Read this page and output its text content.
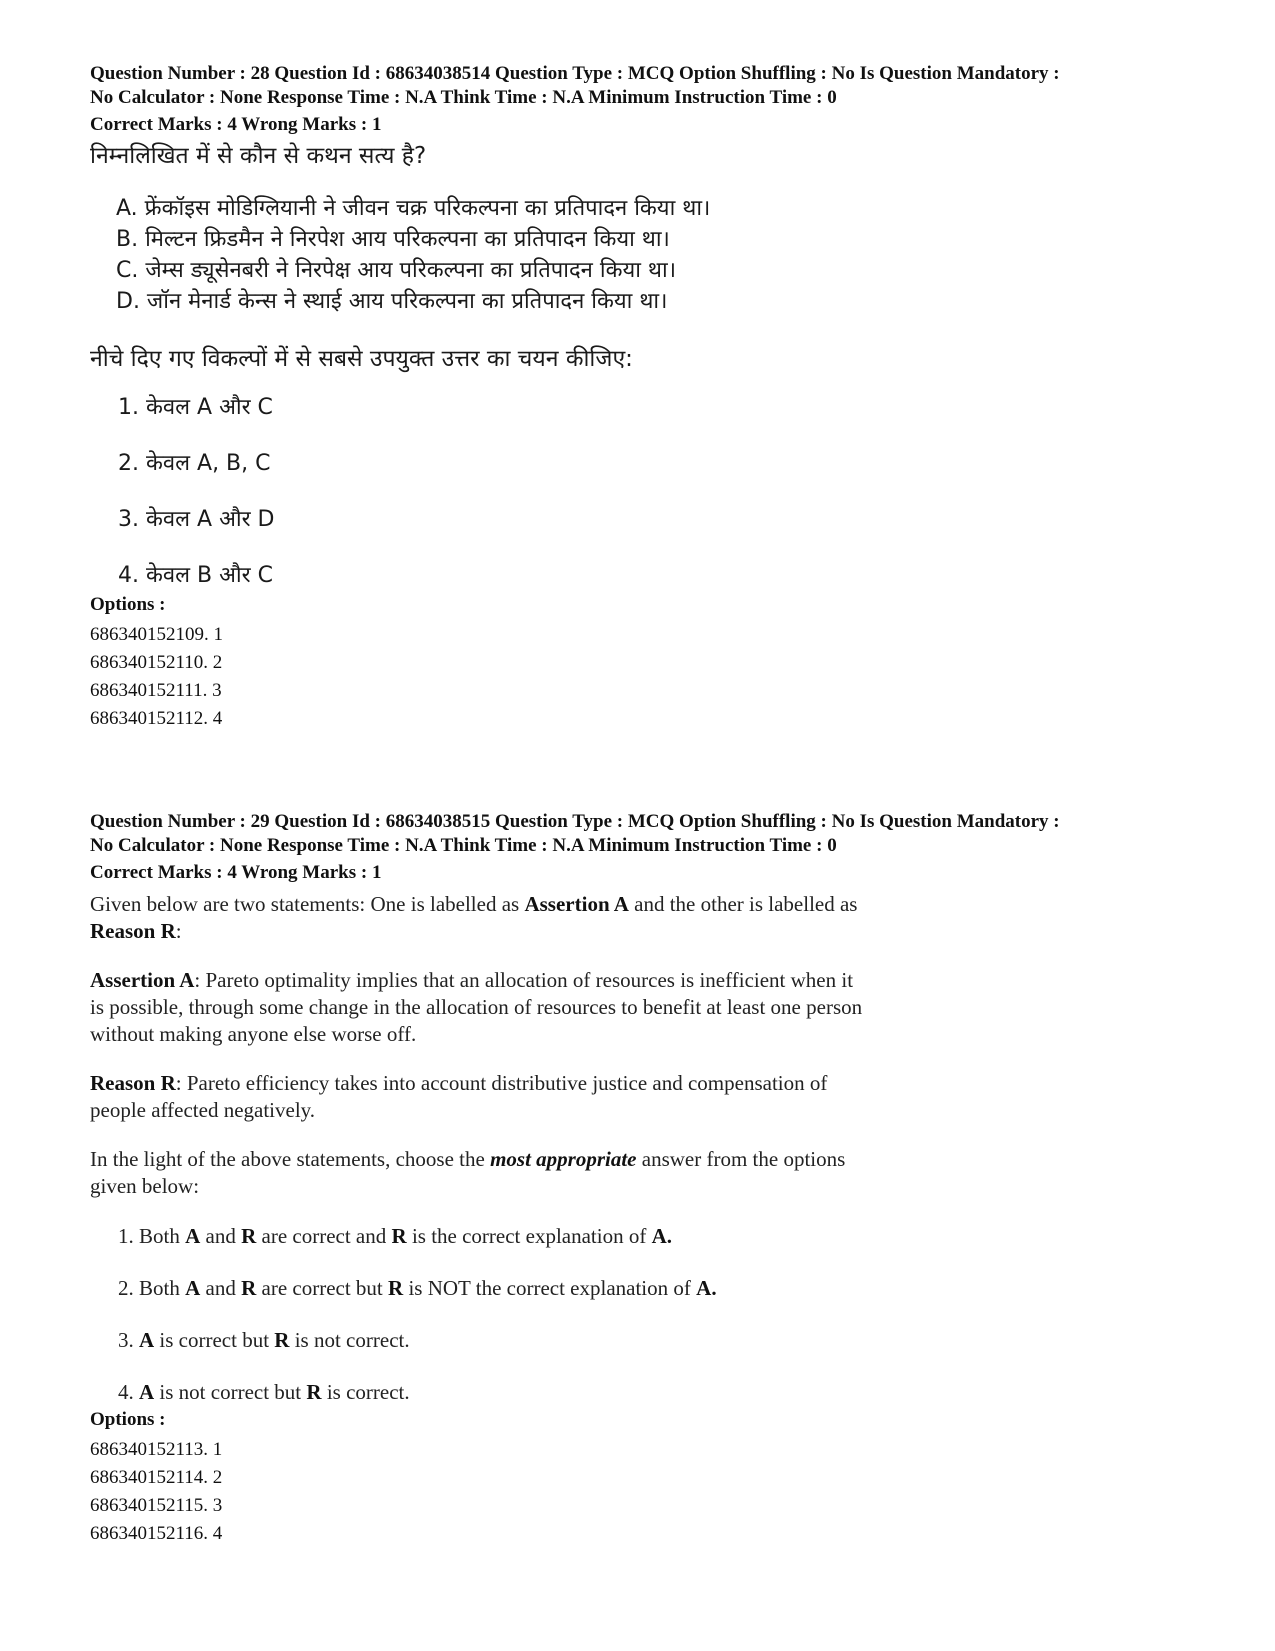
Question Number : 28 Question Id : 68634038514 Question Type : MCQ Option Shuffling : No Is Question Mandatory :
No Calculator : None Response Time : N.A Think Time : N.A Minimum Instruction Time : 0

Correct Marks : 4 Wrong Marks : 1

निम्नलिखित में से कौन से कथन सत्य है?

A. फ्रेंकॉइस मोडिग्लियानी ने जीवन चक्र परिकल्पना का प्रतिपादन किया था।
B. मिल्टन फ्रिडमैन ने निरपेश आय परिकल्पना का प्रतिपादन किया था।
C. जेम्स ड्यूसेनबरी ने निरपेक्ष आय परिकल्पना का प्रतिपादन किया था।
D. जॉन मेनार्ड केन्स ने स्थाई आय परिकल्पना का प्रतिपादन किया था।

नीचे दिए गए विकल्पों में से सबसे उपयुक्त उत्तर का चयन कीजिए:

1. केवल A और C
2. केवल A, B, C
3. केवल A और D
4. केवल B और C

Options :

686340152109. 1
686340152110. 2
686340152111. 3
686340152112. 4

Question Number : 29 Question Id : 68634038515 Question Type : MCQ Option Shuffling : No Is Question Mandatory :
No Calculator : None Response Time : N.A Think Time : N.A Minimum Instruction Time : 0

Correct Marks : 4 Wrong Marks : 1

Given below are two statements: One is labelled as Assertion A and the other is labelled as Reason R:

Assertion A: Pareto optimality implies that an allocation of resources is inefficient when it is possible, through some change in the allocation of resources to benefit at least one person without making anyone else worse off.

Reason R: Pareto efficiency takes into account distributive justice and compensation of people affected negatively.

In the light of the above statements, choose the most appropriate answer from the options given below:

1. Both A and R are correct and R is the correct explanation of A.
2. Both A and R are correct but R is NOT the correct explanation of A.
3. A is correct but R is not correct.
4. A is not correct but R is correct.

Options :

686340152113. 1
686340152114. 2
686340152115. 3
686340152116. 4
